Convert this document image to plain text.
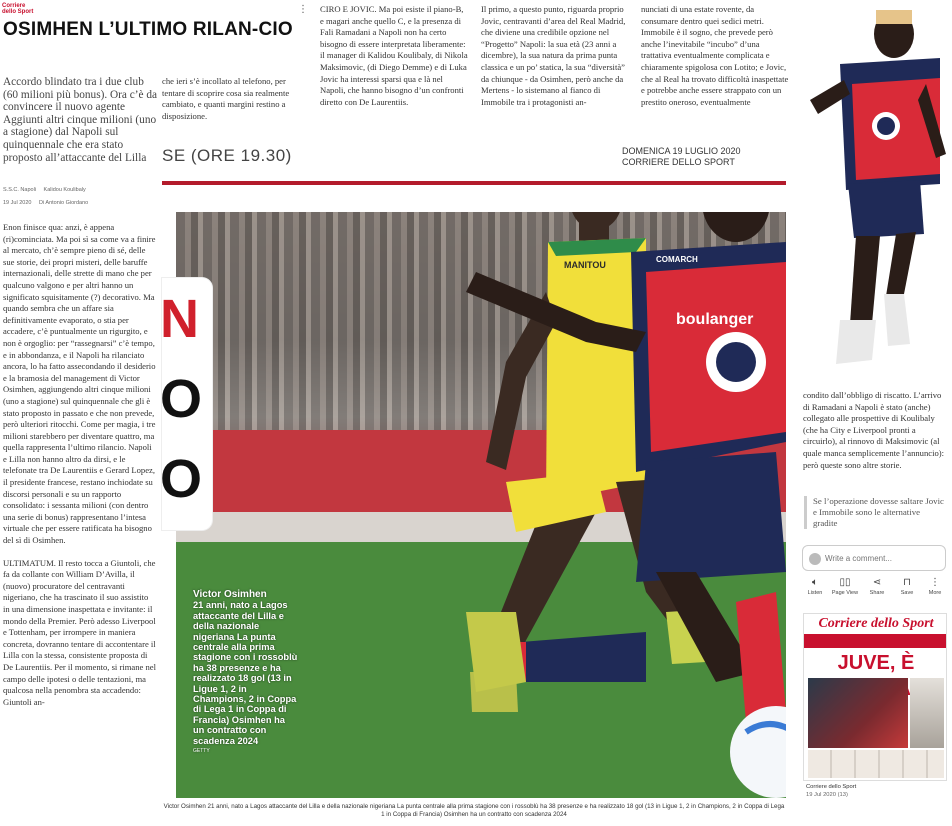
Corriere dello Sport	⋮
OSIMHEN L’ULTIMO RILAN-CIO
Accordo blindato tra i due club (60 milioni più bonus). Ora c’è da convincere il nuovo agente Aggiunti altri cinque milioni (uno a stagione) dal Napoli sul quinquennale che era stato proposto all’attaccante del Lilla
S.S.C. Napoli Kalidou Koulibaly
19 Jul 2020 Di Antonio Giordano

Enon finisce qua: anzi, è appena (ri)cominciata. Ma poi sì sa come va a finire al mercato, ch’è sempre pieno di sé, delle sue storie, dei propri misteri, delle baruffe internazionali, delle strette di mano che per qualcuno valgono e per altri hanno un significato squisitamente (?) decorativo. Ma quando sembra che un affare sia definitivamente evaporato, o stia per accadere, c’è puntualmente un rigurgito, e non è orgoglio: per “rassegnarsi” c’è tempo, e in abbondanza, e il Napoli ha rilanciato ancora, lo ha fatto assecondando il desiderio e la bramosia del management di Victor Osimhen, aggiungendo altri cinque milioni (uno a stagione) sul quinquennale che gli è stato proposto in passato e che non prevede, però ulteriori ritocchi. Come per magia, i tre milioni starebbero per diventare quattro, ma quella rappresenta l’ultimo rilancio. Napoli e Lilla non hanno altro da dirsi, e le telefonate tra De Laurentiis e Gerard Lopez, il presidente francese, restano inchiodate su discorsi personali e su un rapporto consolidato: i sessanta milioni (con dentro una serie di bonus) rappresentano l’intesa virtuale che per essere ratificata ha bisogno del sì di Osimhen.

ULTIMATUM. Il resto tocca a Giuntoli, che fa da collante con William D’Avilla, il (nuovo) procuratore del centravanti nigeriano, che ha trascinato il suo assistito in una dimensione inaspettata e invitante: il mondo della Premier. Però adesso Liverpool e Tottenham, per irrompere in maniera concreta, dovranno tentare di accontentare il Lilla con la stessa, consistente proposta di De Laurentiis. Per il momento, si rimane nel campo delle ipotesi o delle tentazioni, ma qualcosa nella penombra sta accadendo: Giuntoli an-

che ieri s’è incollato al telefono, per tentare di scoprire cosa sia realmente cambiato, e quanti margini restino a disposizione.
CIRO E JOVIC. Ma poi esiste il piano-B, e magari anche quello C, e la presenza di Fali Ramadani a Napoli non ha certo bisogno di essere interpretata liberamente: il manager di Kalidou Koulibaly, di Nikola Maksimovic, (di Diego Demme) e di Luka Jovic ha interessi sparsi qua e là nel Napoli, che hanno bisogno d’un confronti diretto con De Laurentiis.
Il primo, a questo punto, riguarda proprio Jovic, centravanti d’area del Real Madrid, che diviene una credibile opzione nel “Progetto” Napoli: la sua età (23 anni a dicembre), la sua natura da prima punta classica e un po’ statica, la sua “diversità” da chiunque - da Osimhen, però anche da Mertens - lo sistemano al fianco di Immobile tra i protagonisti an-
nunciati di una estate rovente, da consumare dentro quei sedici metri. Immobile è il sogno, che prevede però anche l’inevitabile “incubo” d’una trattativa eventualmente complicata e chiaramente spigolosa con Lotito; e Jovic, che al Real ha trovato difficoltà inaspettate e potrebbe anche essere strappato con un prestito oneroso, eventualmente
SE (ORE 19.30)	DOMENICA 19 LUGLIO 2020
CORRIERE DELLO SPORT
MANITOU
boulanger
COMARCH
N
O
O
Victor Osimhen
21 anni, nato a Lagos attaccante del Lilla e della nazionale nigeriana La punta centrale alla prima stagione con i rossoblù ha 38 presenze e ha realizzato 18 gol (13 in Ligue 1, 2 in Champions, 2 in Coppa di Lega 1 in Coppa di Francia) Osimhen ha un contratto con scadenza 2024
GETTY
Victor Osimhen 21 anni, nato a Lagos attaccante del Lilla e della nazionale nigeriana La punta centrale alla prima stagione con i rossoblù ha 38 presenze e ha realizzato 18 gol (13 in Ligue 1, 2 in Champions, 2 in Coppa di Lega 1 in Coppa di Francia) Osimhen ha un contratto con scadenza 2024
condito dall’obbligo di riscatto. L’arrivo di Ramadani a Napoli è stato (anche) collegato alle prospettive di Koulibaly (che ha City e Liverpool pronti a circuirlo), al rinnovo di Maksimovic (al quale manca semplicemente l’annuncio): però queste sono altre storie.
Se l’operazione dovesse saltare Jovic e Immobile sono le alternative gradite
Write a comment...
🔈︎
Listen
▯▯
Page View
⋖
Share
⊓
Save
⋮
More
Corriere dello Sport
JUVE, È
Corriere dello Sport
19 Jul 2020 (13)
